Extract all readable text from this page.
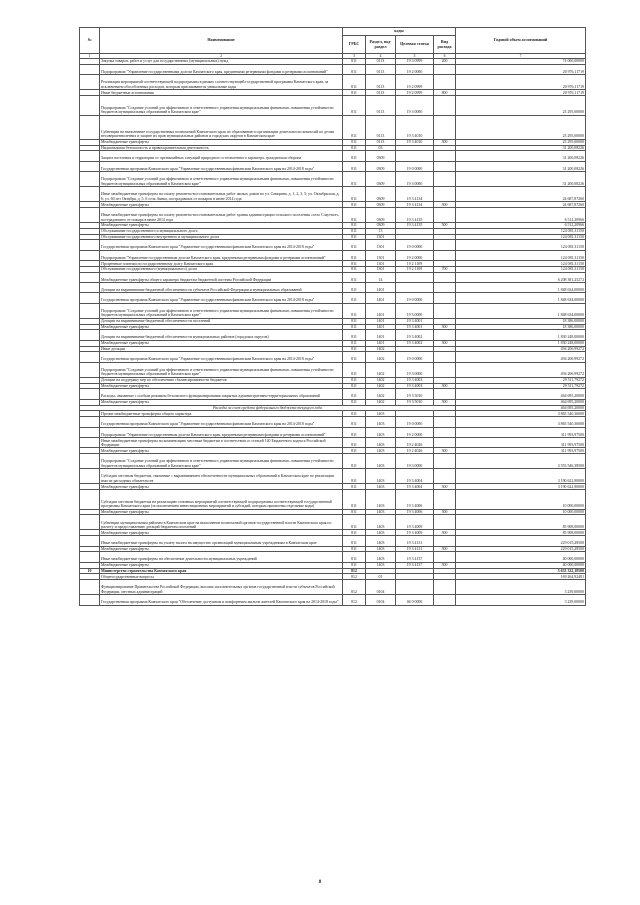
№	Наименование	коды				Годовой объем ассигнований
		ГРБС	Раздел, под-раздел	Целевая статья	Вид расхода	
1	2	3	4	5	6	7
	Закупка товаров, работ и услуг для государственных (муниципальных) нужд	811	0113	19 3 0999	200	74 000,00000
	Подпрограмма "Управление государственными долгом Камчатского края, кредитными резервными фондами и резервами ассигнований"	811	0113	19 2 0000		20 976,11719
	Реализация мероприятий соответствующей подпрограммы в рамках соответствующей государственной программы Камчатского края, за исключением обособленных расходов, которым присваиваются уникальные коды	811	0113	19 2 0999		20 976,11719
	Иные бюджетные ассигнования	811	0113	19 2 0999	800	20 976,11719
	Подпрограмма "Создание условий для эффективного и ответственного управления муниципальными финансами, повышения устойчивости бюджетов муниципальных образований в Камчатском крае"	811	0113	19 3 0000		23 295,00000
	Субвенции на выполнение государственных полномочий Камчатского края по образованию и организации деятельности комиссий по делам несовершеннолетних и защите их прав муниципальных районов и городских округов в Камчатском крае	811	0113	19 3 4010		23 295,00000
	Межбюджетные трансферты	811	0113	19 3 4010	500	23 295,00000
	Национальная безопасность и правоохранительная деятельность	811	03			31 200,08226
	Защита населения и территории от чрезвычайных ситуаций природного и техногенного характера, гражданская оборона	811	0309			31 200,08226
	Государственная программа Камчатского края "Управление государственными финансами Камчатского края на 2014-2018 годы"	811	0309	19 0 0000		31 200,08226
	Подпрограмма "Создание условий для эффективного и ответственного управления муниципальными финансами, повышения устойчивости бюджетов муниципальных образований в Камчатском крае"	811	0309	19 3 0000		31 200,08226
	Иные межбюджетные трансферты на оплату ремонтно-восстановительных работ жилых домов по ул. Савкрина, д. 1, 2, 3, 5; ул. Октябрьская, д. 6; ул. 60 лет Октября, д. 5, 6 села Аянка, пострадавших от пожаров в июне 2014 года	811	0309	19 3 4134		24 687,87260
	Межбюджетные трансферты	811	0309	19 3 4134	500	24 687,87260
	Иные межбюджетные трансферты на оплату ремонтно-восстановительных работ здания администрации сельского поселения «село Слаутное», пострадавшего от пожара в июне 2014 года	811	0309	19 3 4135		6 512,20966
	Межбюджетные трансферты	811	0309	19 3 4135	500	6 512,20966
	Обслуживание государственного и муниципального долга	811	13			124 081,31150
	Обслуживание государственного внутреннего и муниципального долга	811	1301			124 081,31150
	Государственная программа Камчатского края "Управление государственными финансами Камчатского края на 2014-2018 годы"	811	1301	19 0 0000		124 081,31150
	Подпрограмма "Управление государственным долгом Камчатского края, кредитными резервными фондами и резервами ассигнований"	811	1301	19 2 0000		124 081,31150
	Процентные платежи по государственному долгу Камчатского края	811	1301	19 2 1109		124 081,31150
	Обслуживание государственного (муниципального) долга	811	1301	19 2 1109	700	124 081,31150
	Межбюджетные трансферты общего характера бюджетам бюджетной системы Российской Федерации	811	14			6 208 381,25272
	Дотации на выравнивание бюджетной обеспеченности субъектов Российской Федерации и муниципальных образований	811	1401			1 848 634,00000
	Государственная программа Камчатского края "Управление государственными финансами Камчатского края на 2014-2018 годы"	811	1401	19 0 0000		1 848 634,00000
	Подпрограмма "Создание условий для эффективного и ответственного управления муниципальными финансами, повышения устойчивости бюджетов муниципальных образований в Камчатском крае"	811	1401	19 3 0000		1 848 634,00000
	Дотации на выравнивание бюджетной обеспеченности поселений	811	1401	19 3 4001		18 386,00000
	Межбюджетные трансферты	811	1401	19 3 4001	500	18 386,00000
	Дотации на выравнивание бюджетной обеспеченности муниципальных районов (городских округов)	811	1401	19 3 4002		1 830 248,00000
	Межбюджетные трансферты	811	1401	19 3 4002	500	1 830 248,00000
	Иные дотации	811	1402			494 206,99272
	Государственная программа Камчатского края "Управление государственными финансами Камчатского края на 2014-2018 годы"	811	1402	19 0 0000		494 206,99272
	Подпрограмма "Создание условий для эффективного и ответственного управления муниципальными финансами, повышения устойчивости бюджетов муниципальных образований в Камчатском крае"	811	1402	19 3 0000		494 206,99272
	Дотации на поддержку мер по обеспечению сбалансированности бюджетов	811	1402	19 3 4003		29 511,79272
	Межбюджетные трансферты	811	1402	19 3 4003	500	29 511,79272
	Расходы, связанные с особым режимом безопасного функционирования закрытых административно-территориальных образований	811	1402	19 3 5010		464 695,20000
	Межбюджетные трансферты	811	1402	19 3 5010	500	464 695,20000
Расходы за счет средств федерального бюджета текущего года						464 695,20000
	Прочие межбюджетные трансферты общего характера	811	1403			3 865 540,36000
	Государственная программа Камчатского края "Управление государственными финансами Камчатского края на 2014-2018 годы"	811	1403	19 0 0000		3 865 540,36000
	Подпрограмма "Управление государственным долгом Камчатского края, кредитными резервными фондами и резервами ассигнований"	811	1403	19 2 0000		311 993,97500
	Иные межбюджетные трансферты на компенсацию местным бюджетам в соответствии со статьей 140 Бюджетного кодекса Российской Федерации	811	1403	19 2 4026		311 993,97500
	Межбюджетные трансферты	811	1403	19 2 4026	500	311 993,97500
	Подпрограмма "Создание условий для эффективного и ответственного управления муниципальными финансами, повышения устойчивости бюджетов муниципальных образований в Камчатском крае"	811	1403	19 3 0000		3 553 546,38500
	Субсидии местным бюджетам, связанные с выравниванием обеспеченности муниципальных образований в Камчатском крае по реализации ими их расходных обязательств	811	1403	19 3 4004		3 190 622,90000
	Межбюджетные трансферты	811	1403	19 3 4004	500	3 190 622,90000
	Субсидии местным бюджетам на реализацию основных мероприятий соответствующей подпрограммы соответствующей государственной программы Камчатского края (за исключением инвестиционных мероприятий и субсидий, которым присвоены отдельные коды)	811	1403	19 3 4006		10 000,00000
	Межбюджетные трансферты	811	1403	19 3 4006	500	10 000,00000
	Субвенции муниципальным районам в Камчатском крае на выполнение полномочий органов государственной власти Камчатского края по расчету и предоставлению дотаций бюджетам поселений	811	1403	19 3 4009		85 908,00000
	Межбюджетные трансферты	811	1403	19 3 4009	500	85 908,00000
	Иные межбюджетные трансферты на уплату налога на имущество организаций муниципальным учреждениям в Камчатском крае	811	1403	19 3 4131		229 015,28500
	Межбюджетные трансферты	811	1403	19 3 4131	500	229 015,28500
	Иные межбюджетные трансферты на обеспечение деятельности муниципальных учреждений	811	1403	19 3 4137		40 000,00000
	Межбюджетные трансферты	811	1403	19 3 4137	500	40 000,00000
10	Министерство строительства Камчатского края	812				5 633 322,18500
	Общегосударственные вопросы	812	01			169 264,92481
	Функционирование Правительства Российской Федерации, высших исполнительных органов государственной власти субъектов Российской Федерации, местных администраций	812	0104			3 239,00000
	Государственная программа Камчатского края "Обеспечение доступным и комфортным жильем жителей Камчатского края на 2014-2018 годы"	812	0104	04 0 0000		3 239,00000
8
